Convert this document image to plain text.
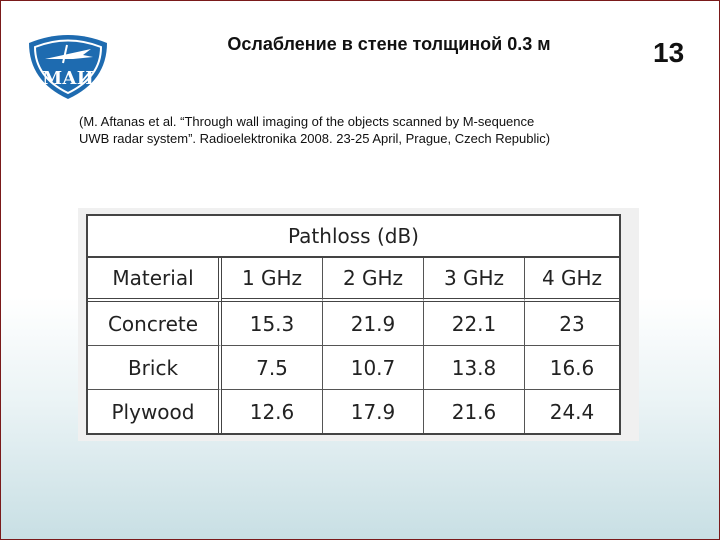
МАИ
Ослабление в стене толщиной 0.3 м	13
(M. Aftanas et al. “Through wall imaging of the objects scanned by M-sequence
UWB radar system”. Radioelektronika 2008. 23-25 April, Prague, Czech Republic)
Pathloss (dB)				
Material	1 GHz	2 GHz	3 GHz	4 GHz
Concrete	15.3	21.9	22.1	23
Brick	7.5	10.7	13.8	16.6
Plywood	12.6	17.9	21.6	24.4
